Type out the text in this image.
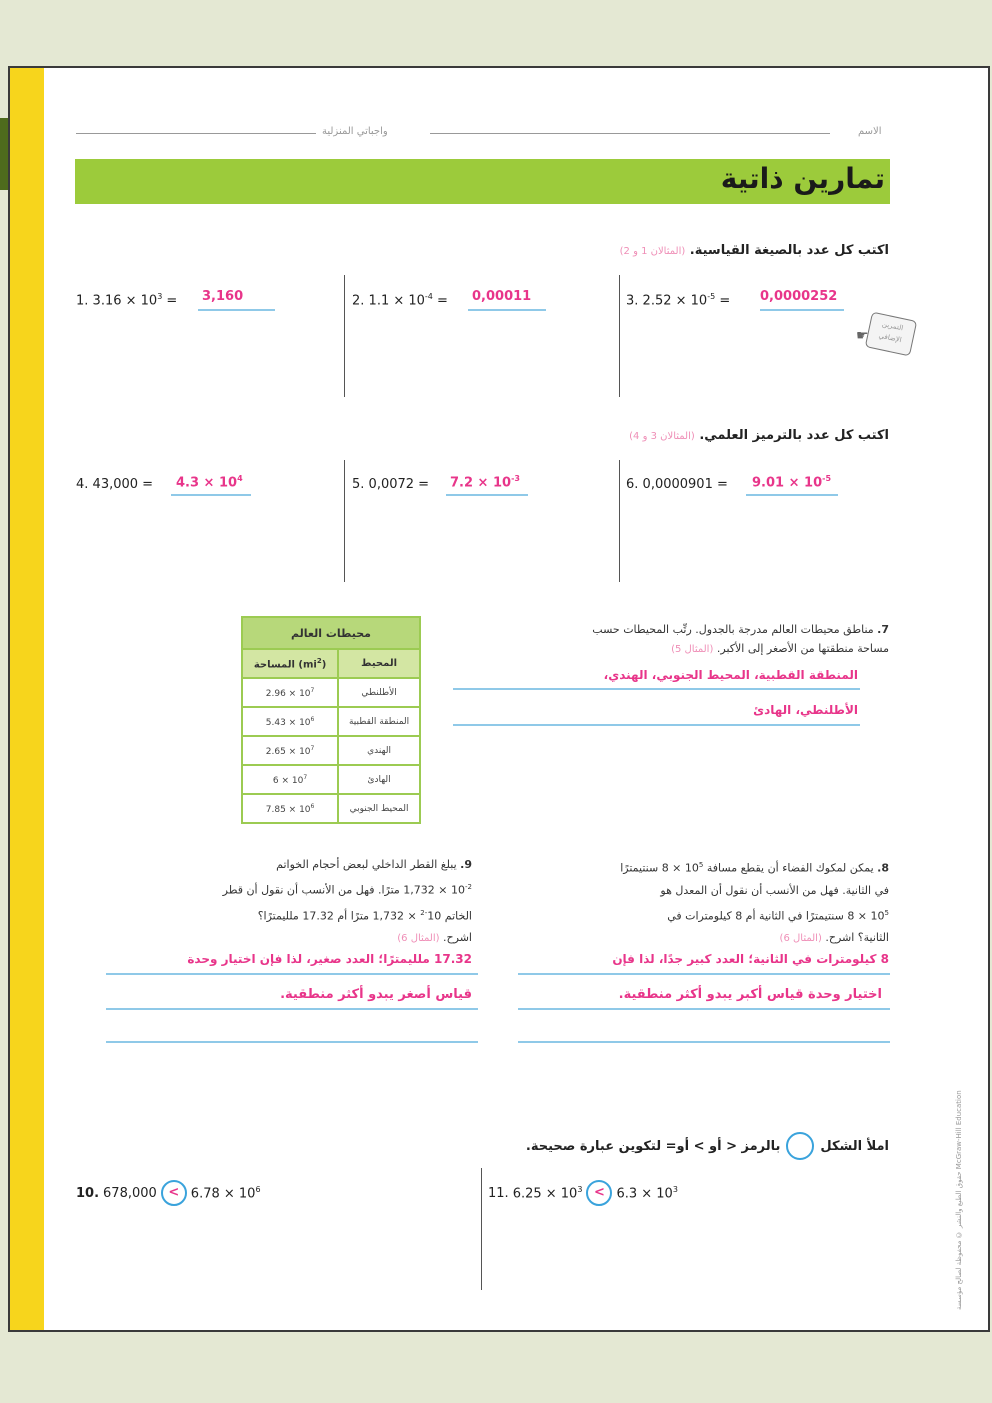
واجباتي المنزلية	الاسم
تمارين ذاتية
اكتب كل عدد بالصيغة القياسية. (المثالان 1 و 2)
1. $3.16 \times 10^3 = 3,160$	2. $1.1 \times 10^{-4} = 0,00011$	3. $2.52 \times 10^{-5} = 0,0000252$
التمرين الإضافي
☛
اكتب كل عدد بالترميز العلمي. (المثالان 3 و 4)
4. $43,000 = 4.3 \times 10^4$	5. $0,0072 = 7.2 \times 10^{-3}$	6. $0,0000901 = 9.01 \times 10^{-5}$
7. مناطق محيطات العالم مدرجة بالجدول. رتِّب المحيطات حسب
مساحة منطقتها من الأصغر إلى الأكبر. (المثال 5)
المنطقة القطبية، المحيط الجنوبي، الهندي،
الأطلنطي، الهادئ
محيطات العالم	
المحيط	المساحة $(mi^2)$
الأطلنطي	$2.96 \times 10^7$
المنطقة القطبية	$5.43 \times 10^6$
الهندي	$2.65 \times 10^7$
الهادئ	$6 \times 10^7$
المحيط الجنوبي	$7.85 \times 10^6$
8. يمكن لمكوك الفضاء أن يقطع مسافة $10^5 \times 8$ سنتيمترًا
في الثانية. فهل من الأنسب أن نقول أن المعدل هو
$10^5 \times 8$ سنتيمترًا في الثانية أم 8 كيلومترات في
الثانية؟ اشرح. (المثال 6)
8 كيلومترات في الثانية؛ العدد كبير جدًا، لذا فإن
اختيار وحدة قياس أكبر يبدو أكثر منطقية.
9. يبلغ القطر الداخلي لبعض أحجام الخواتم
$10^{-2} \times 1,732$ مترًا. فهل من الأنسب أن نقول أن قطر
الخاتم $10^{-2} \times 1,732$ مترًا أم 17.32 ملليمترًا؟
اشرح. (المثال 6)
17.32 ملليمترًا؛ العدد صغير، لذا فإن اختيار وحدة
قياس أصغر يبدو أكثر منطقية.
املأ الشكل
بالرمز < أو > أو= لتكوين عبارة صحيحة.
10. $678,000 < 6.78 \times 10^6$	11. $6.25 \times 10^3 < 6.3 \times 10^3$	حقوق الطبع والنشر © محفوظة لصالح مؤسسة McGraw-Hill Education
